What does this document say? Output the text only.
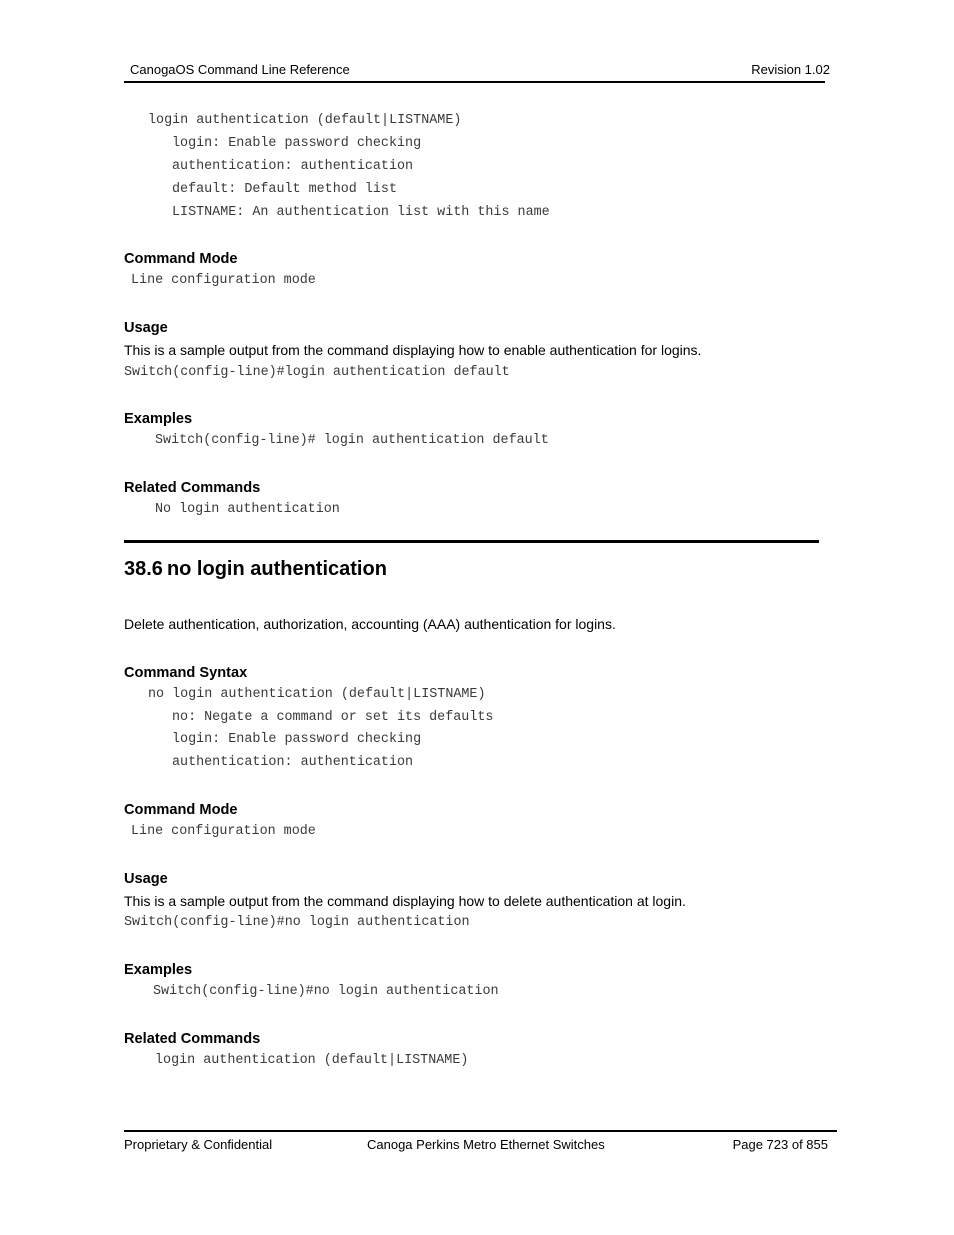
CanogaOS Command Line Reference	Revision 1.02
login authentication (default|LISTNAME)
login: Enable password checking
authentication: authentication
default: Default method list
LISTNAME: An authentication list with this name
Command Mode
Line configuration mode
Usage
This is a sample output from the command displaying how to enable authentication for logins.
Switch(config-line)#login authentication default
Examples
Switch(config-line)# login authentication default
Related Commands
No login authentication
38.6 no login authentication
Delete authentication, authorization, accounting (AAA) authentication for logins.
Command Syntax
no login authentication (default|LISTNAME)
no: Negate a command or set its defaults
login: Enable password checking
authentication: authentication
Command Mode
Line configuration mode
Usage
This is a sample output from the command displaying how to delete authentication at login.
Switch(config-line)#no login authentication
Examples
Switch(config-line)#no login authentication
Related Commands
login authentication (default|LISTNAME)
Proprietary & Confidential	Canoga Perkins Metro Ethernet Switches	Page 723 of 855
